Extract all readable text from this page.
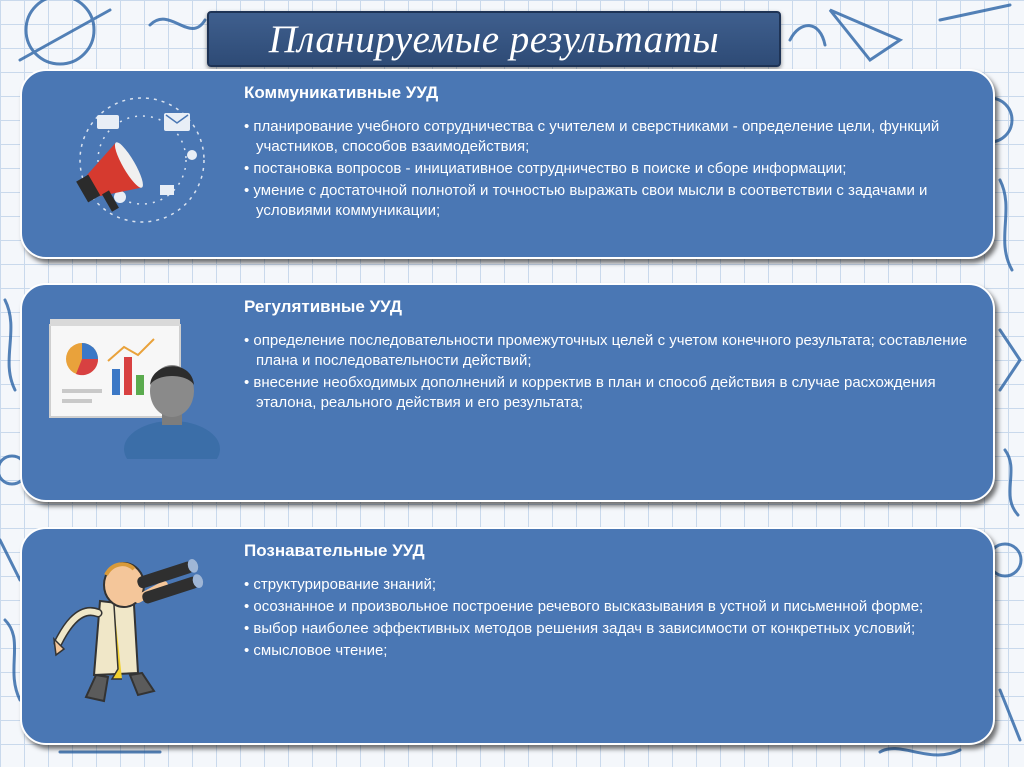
Планируемые результаты
Коммуникативные УУД
• планирование учебного сотрудничества с учителем и сверстниками - определение цели, функций участников, способов взаимодействия;
• постановка вопросов - инициативное сотрудничество в поиске и сборе информации;
• умение с достаточной полнотой и точностью выражать свои мысли в соответствии с задачами и условиями коммуникации;
Регулятивные УУД
• определение последовательности промежуточных целей с учетом конечного результата; составление плана и последовательности действий;
• внесение необходимых дополнений и корректив в план и способ действия в случае расхождения эталона, реального действия и его результата;
Познавательные УУД
• структурирование знаний;
• осознанное и произвольное построение речевого высказывания в устной и письменной форме;
• выбор наиболее эффективных методов решения задач в зависимости от конкретных условий;
• смысловое чтение;
